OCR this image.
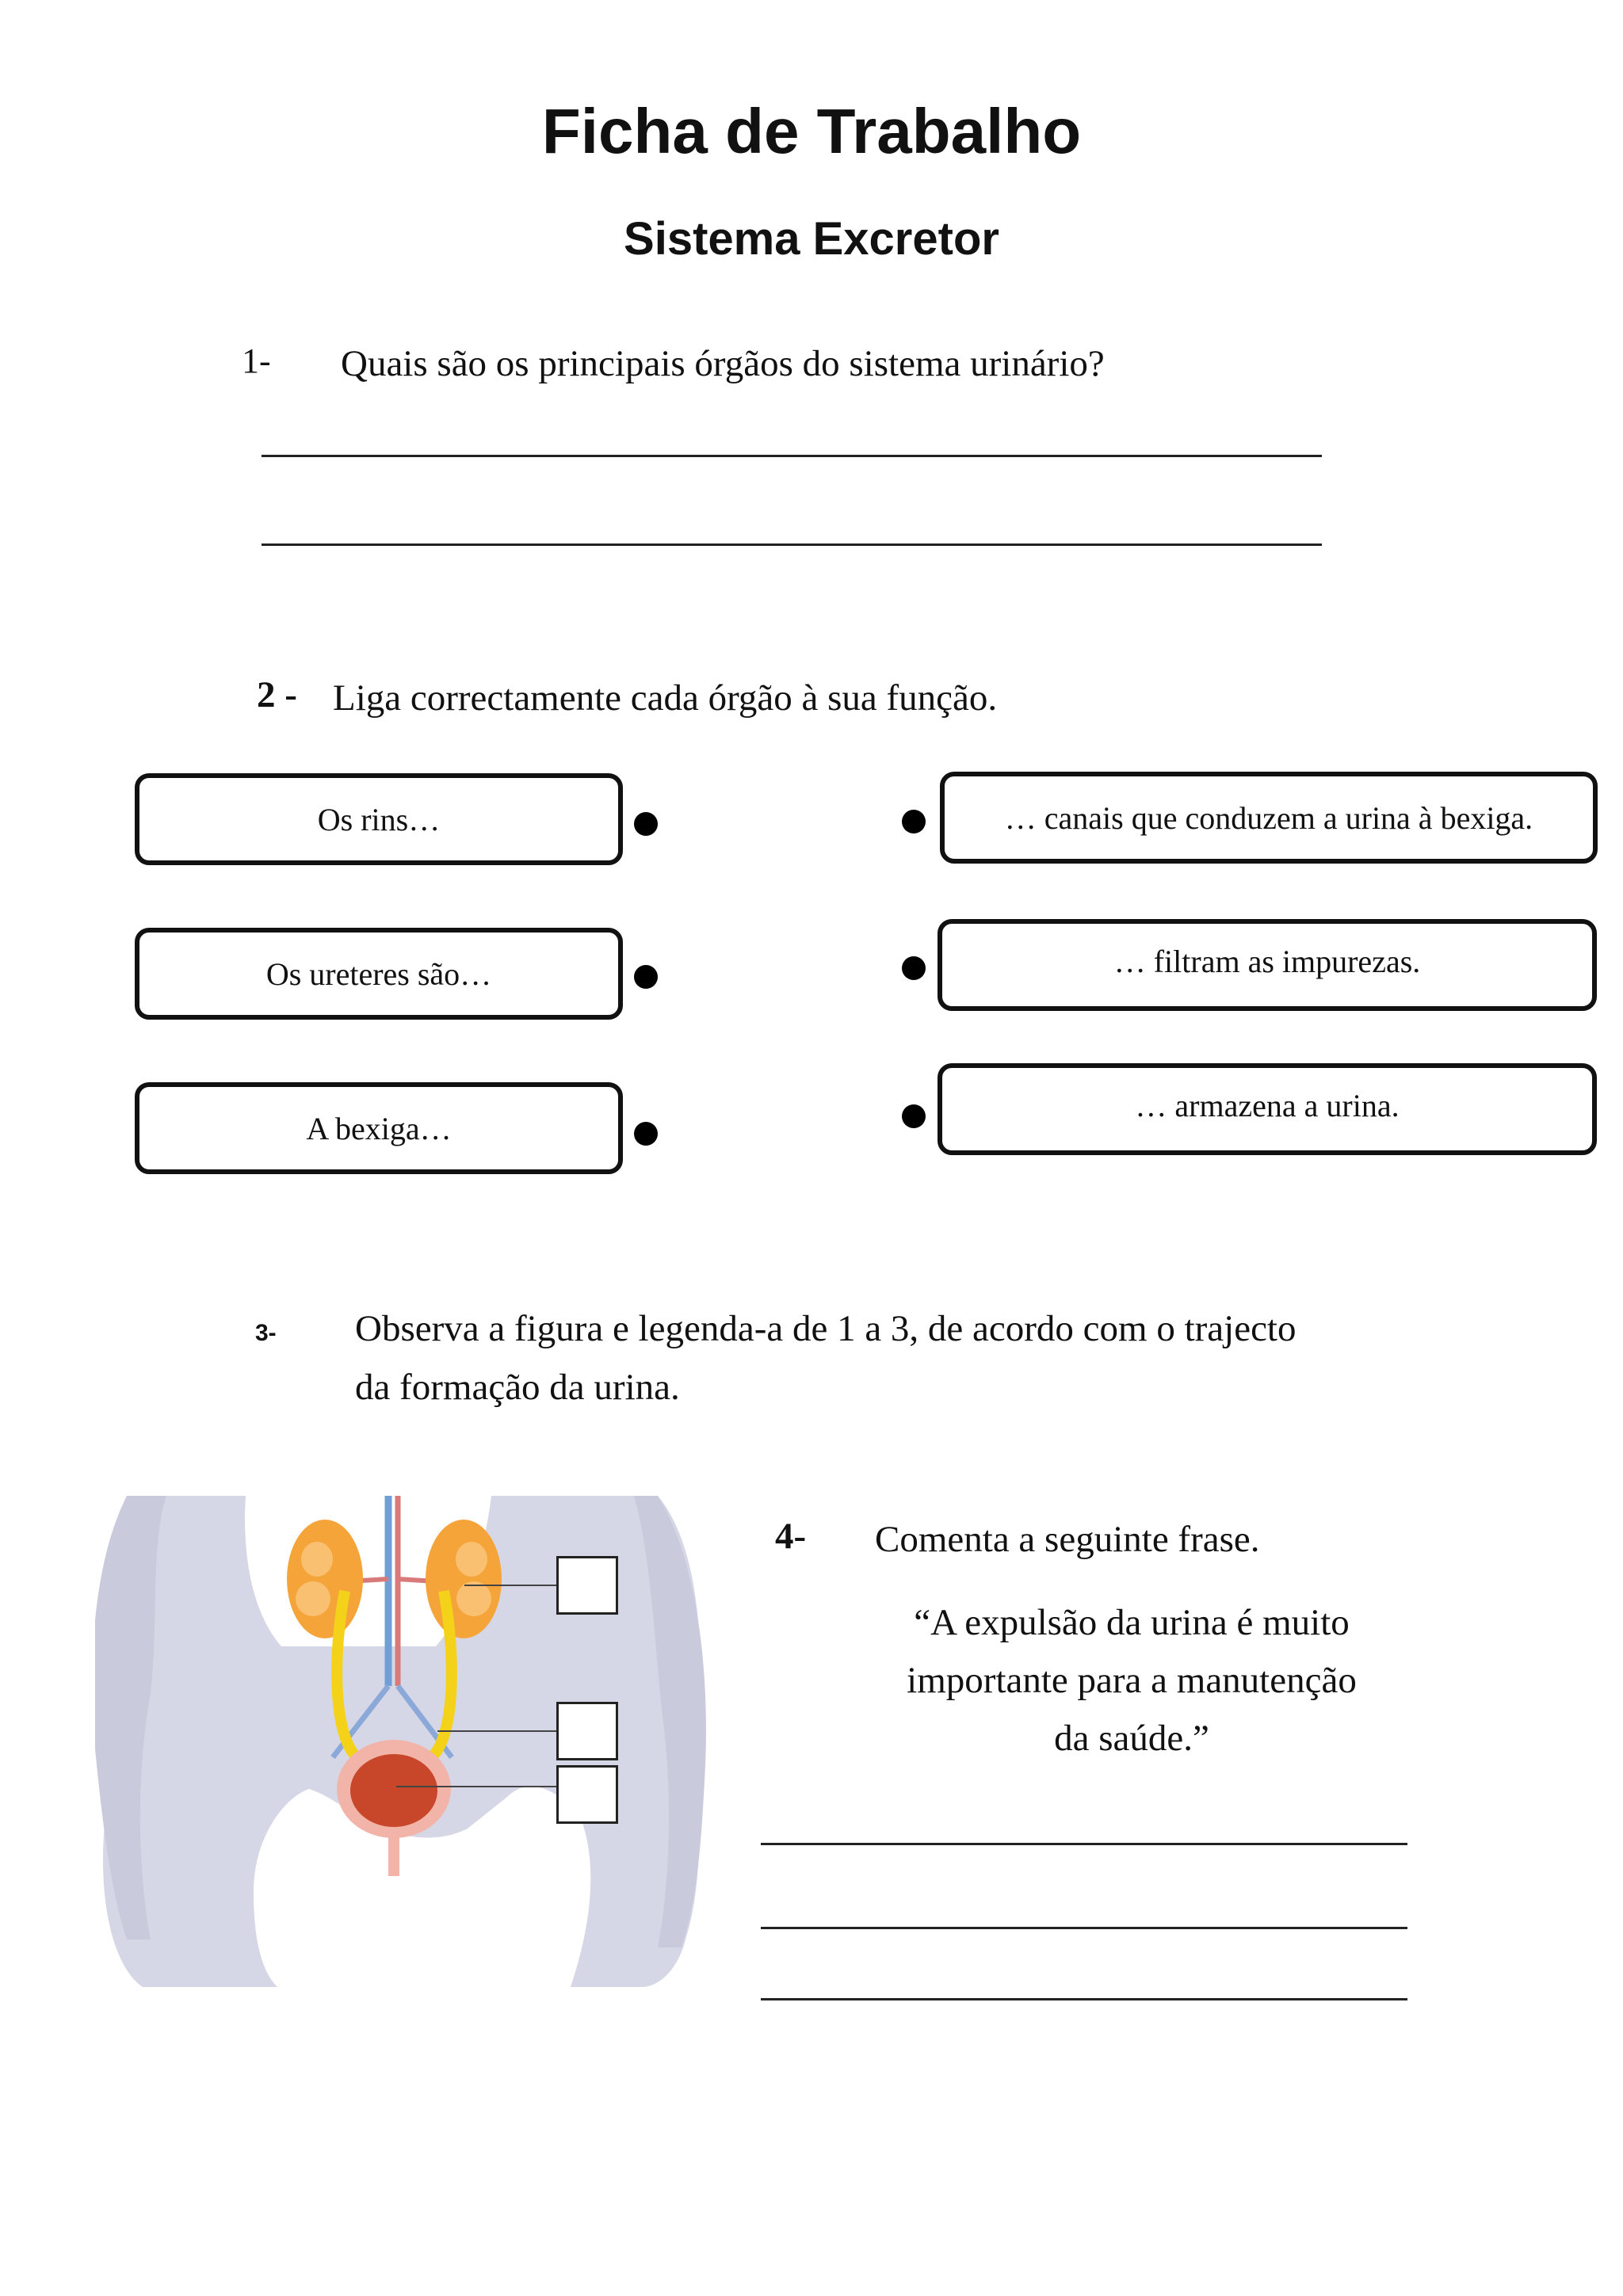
Ficha de Trabalho
Sistema Excretor
1- Quais são os principais órgãos do sistema urinário?
2 - Liga correctamente cada órgão à sua função.
Os rins…
Os ureteres são…
A bexiga…
… canais que conduzem a urina à bexiga.
… filtram as impurezas.
… armazena a urina.
3- Observa a figura e legenda-a de 1 a 3, de acordo com o trajecto
da formação da urina.
4- Comenta a seguinte frase.
“A expulsão da urina é muito
importante para a manutenção
da saúde.”
